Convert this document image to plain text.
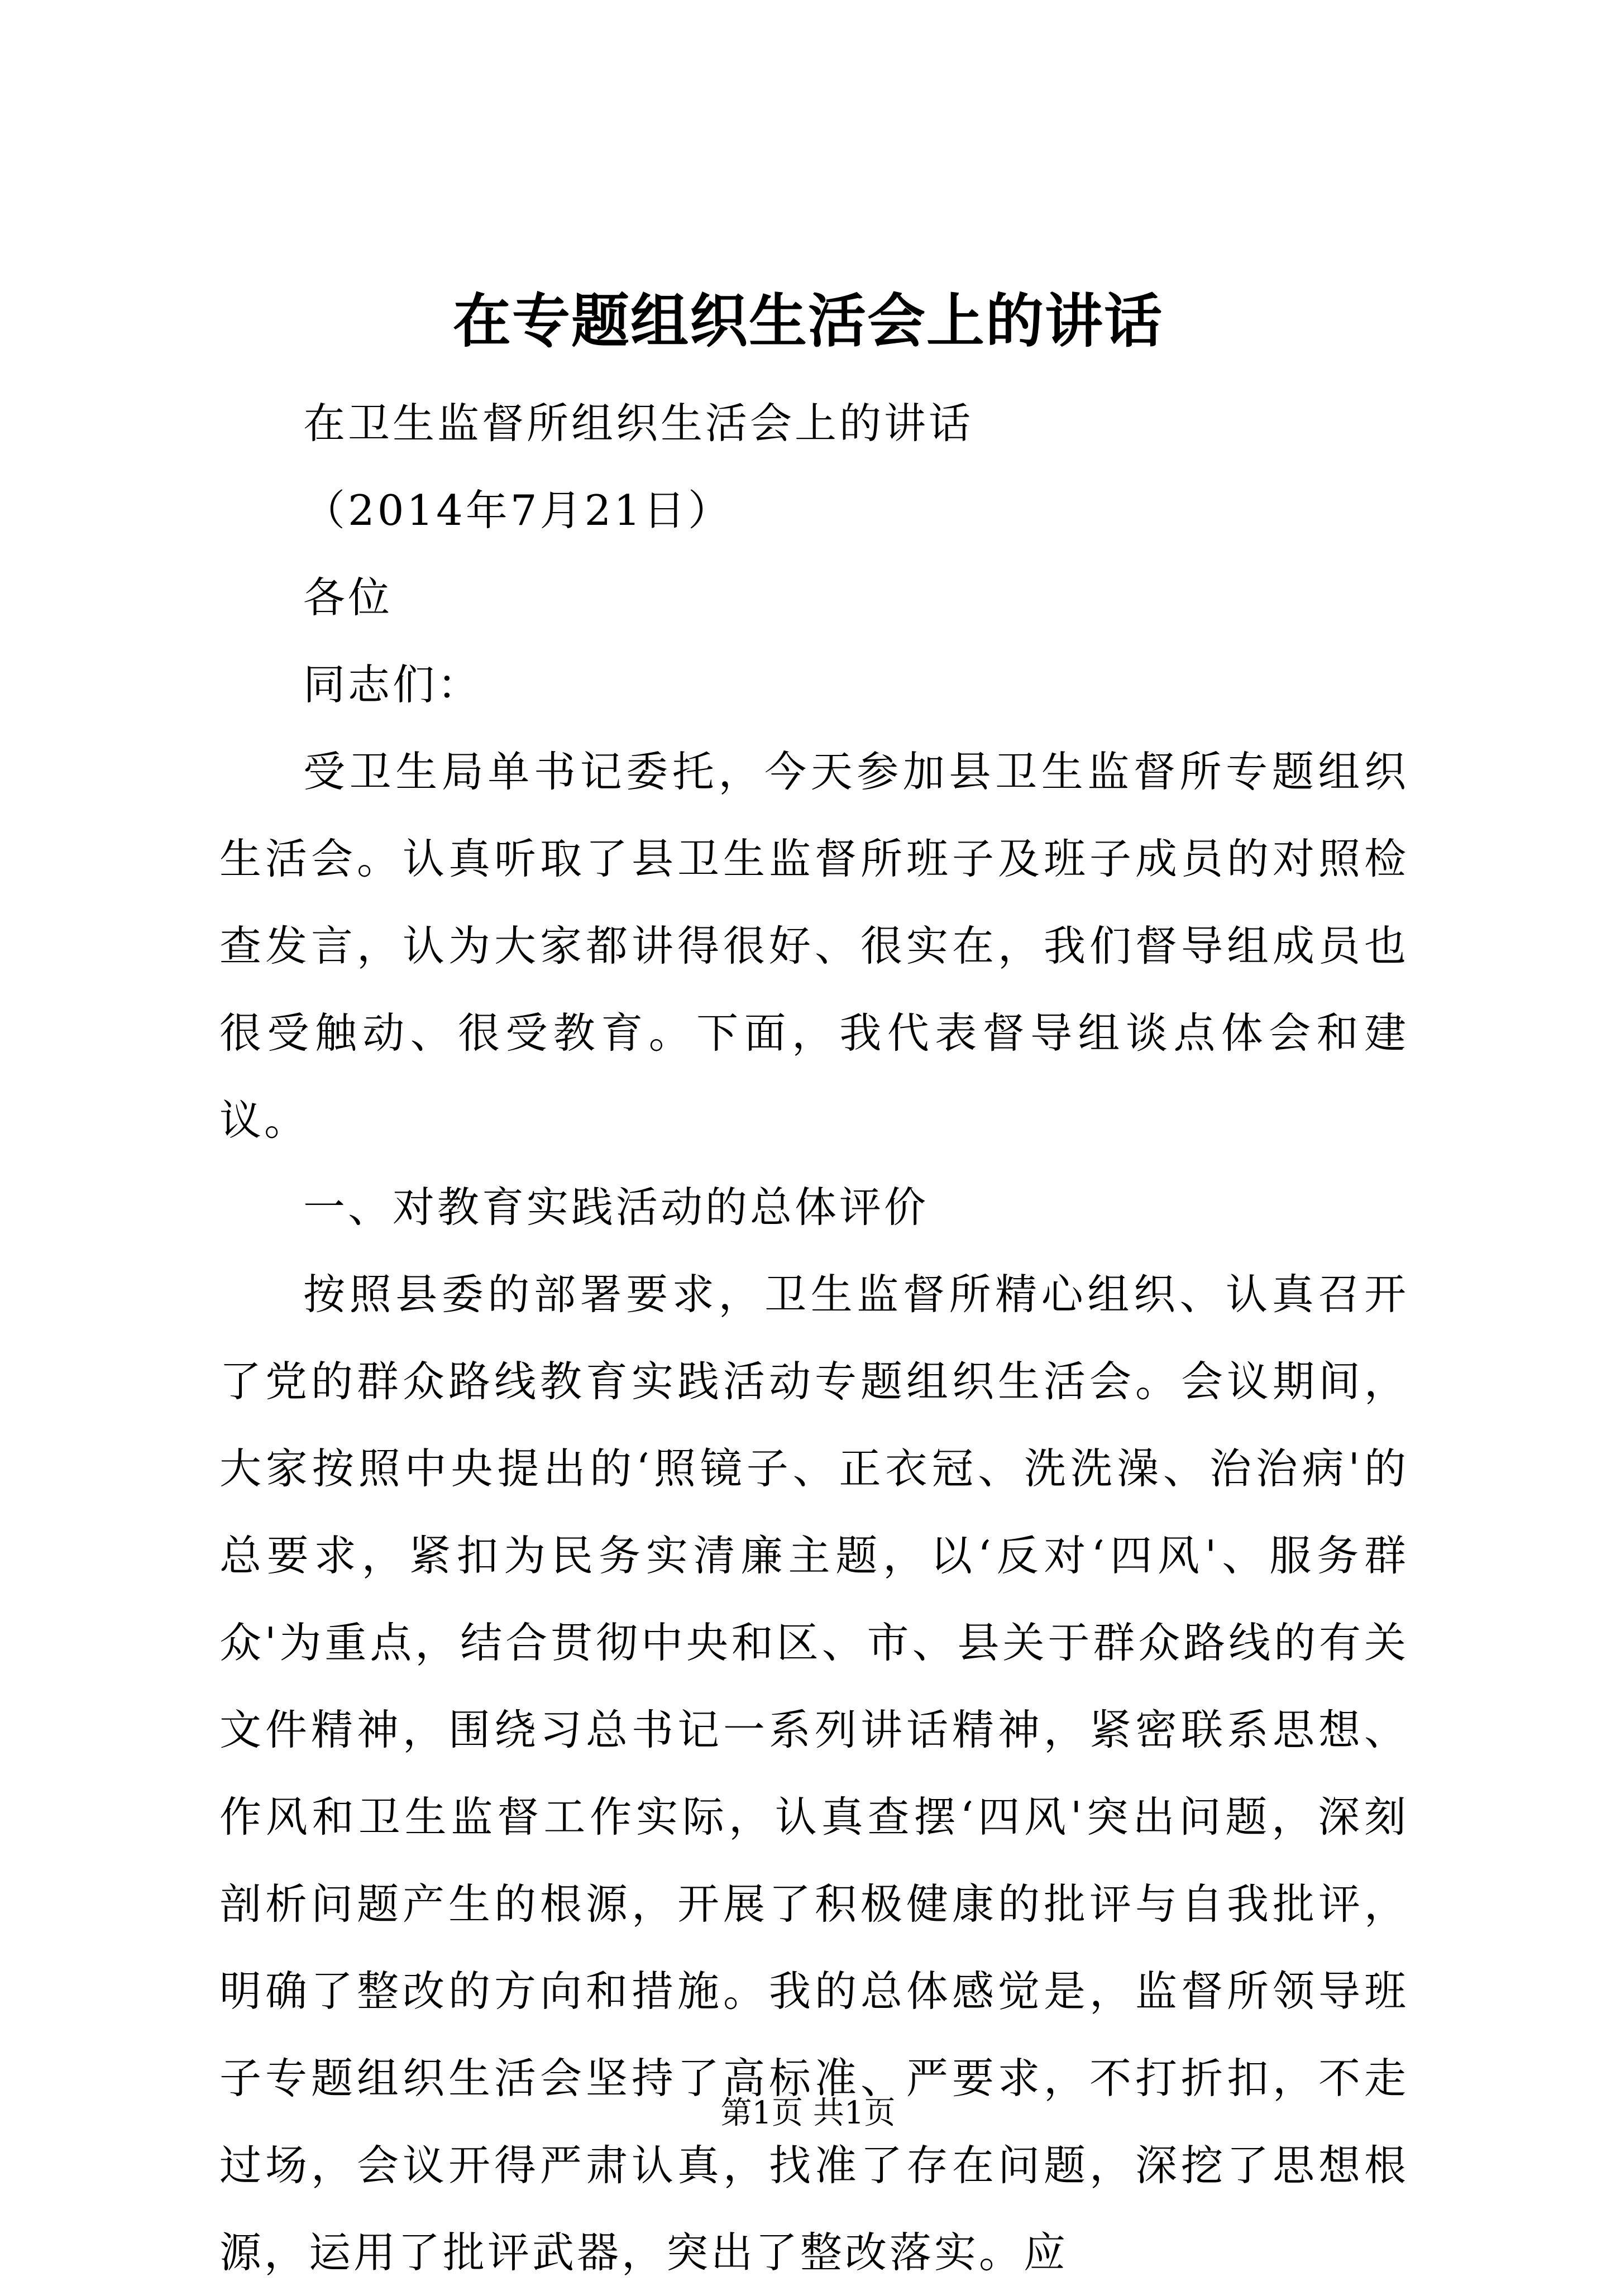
在专题组织生活会上的讲话

在卫生监督所组织生活会上的讲话

（2014年7月21日）

各位

同志们：

受卫生局单书记委托，今天参加县卫生监督所专题组织生活会。认真听取了县卫生监督所班子及班子成员的对照检查发言，认为大家都讲得很好、很实在，我们督导组成员也很受触动、很受教育。下面，我代表督导组谈点体会和建议。

一、对教育实践活动的总体评价

按照县委的部署要求，卫生监督所精心组织、认真召开了党的群众路线教育实践活动专题组织生活会。会议期间，大家按照中央提出的‘照镜子、正衣冠、洗洗澡、治治病'的总要求，紧扣为民务实清廉主题，以‘反对‘四风'、服务群众'为重点，结合贯彻中央和区、市、县关于群众路线的有关文件精神，围绕习总书记一系列讲话精神，紧密联系思想、作风和卫生监督工作实际，认真查摆‘四风'突出问题，深刻剖析问题产生的根源，开展了积极健康的批评与自我批评，明确了整改的方向和措施。我的总体感觉是，监督所领导班子专题组织生活会坚持了高标准、严要求，不打折扣，不走过场，会议开得严肃认真，找准了存在问题，深挖了思想根源，运用了批评武器，突出了整改落实。应

第1页 共1页
